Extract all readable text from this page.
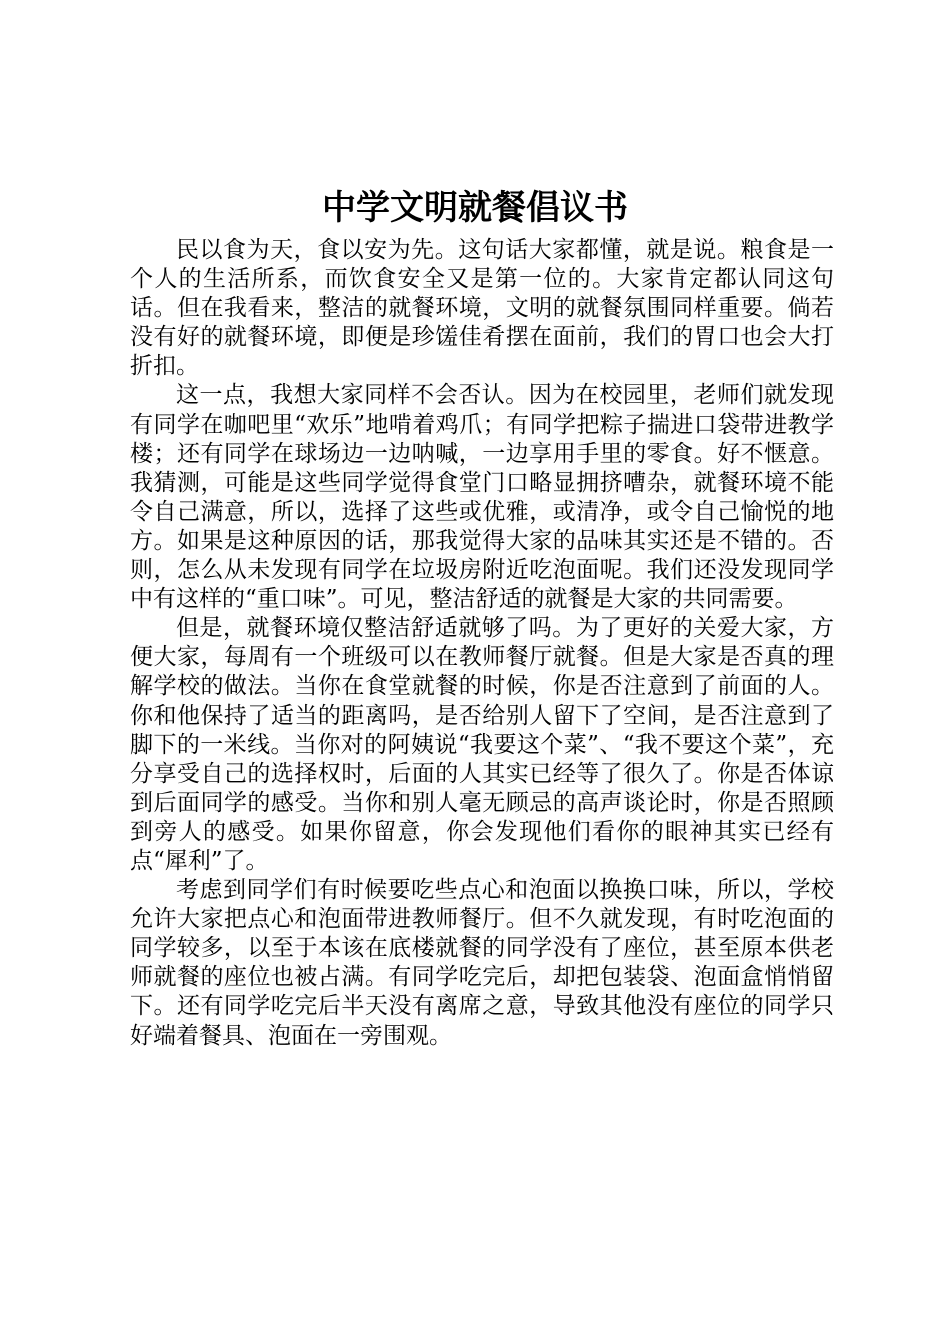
中学文明就餐倡议书

民以食为天，食以安为先。这句话大家都懂，就是说。粮食是一个人的生活所系，而饮食安全又是第一位的。大家肯定都认同这句话。但在我看来，整洁的就餐环境，文明的就餐氛围同样重要。倘若没有好的就餐环境，即便是珍馐佳肴摆在面前，我们的胃口也会大打折扣。

这一点，我想大家同样不会否认。因为在校园里，老师们就发现有同学在咖吧里“欢乐”地啃着鸡爪；有同学把粽子揣进口袋带进教学楼；还有同学在球场边一边呐喊，一边享用手里的零食。好不惬意。我猜测，可能是这些同学觉得食堂门口略显拥挤嘈杂，就餐环境不能令自己满意，所以，选择了这些或优雅，或清净，或令自己愉悦的地方。如果是这种原因的话，那我觉得大家的品味其实还是不错的。否则，怎么从未发现有同学在垃圾房附近吃泡面呢。我们还没发现同学中有这样的“重口味”。可见，整洁舒适的就餐是大家的共同需要。

但是，就餐环境仅整洁舒适就够了吗。为了更好的关爱大家，方便大家，每周有一个班级可以在教师餐厅就餐。但是大家是否真的理解学校的做法。当你在食堂就餐的时候，你是否注意到了前面的人。你和他保持了适当的距离吗，是否给别人留下了空间，是否注意到了脚下的一米线。当你对的阿姨说“我要这个菜”、“我不要这个菜”，充分享受自己的选择权时，后面的人其实已经等了很久了。你是否体谅到后面同学的感受。当你和别人毫无顾忌的高声谈论时，你是否照顾到旁人的感受。如果你留意，你会发现他们看你的眼神其实已经有点“犀利”了。

考虑到同学们有时候要吃些点心和泡面以换换口味，所以，学校允许大家把点心和泡面带进教师餐厅。但不久就发现，有时吃泡面的同学较多，以至于本该在底楼就餐的同学没有了座位，甚至原本供老师就餐的座位也被占满。有同学吃完后，却把包装袋、泡面盒悄悄留下。还有同学吃完后半天没有离席之意，导致其他没有座位的同学只好端着餐具、泡面在一旁围观。
